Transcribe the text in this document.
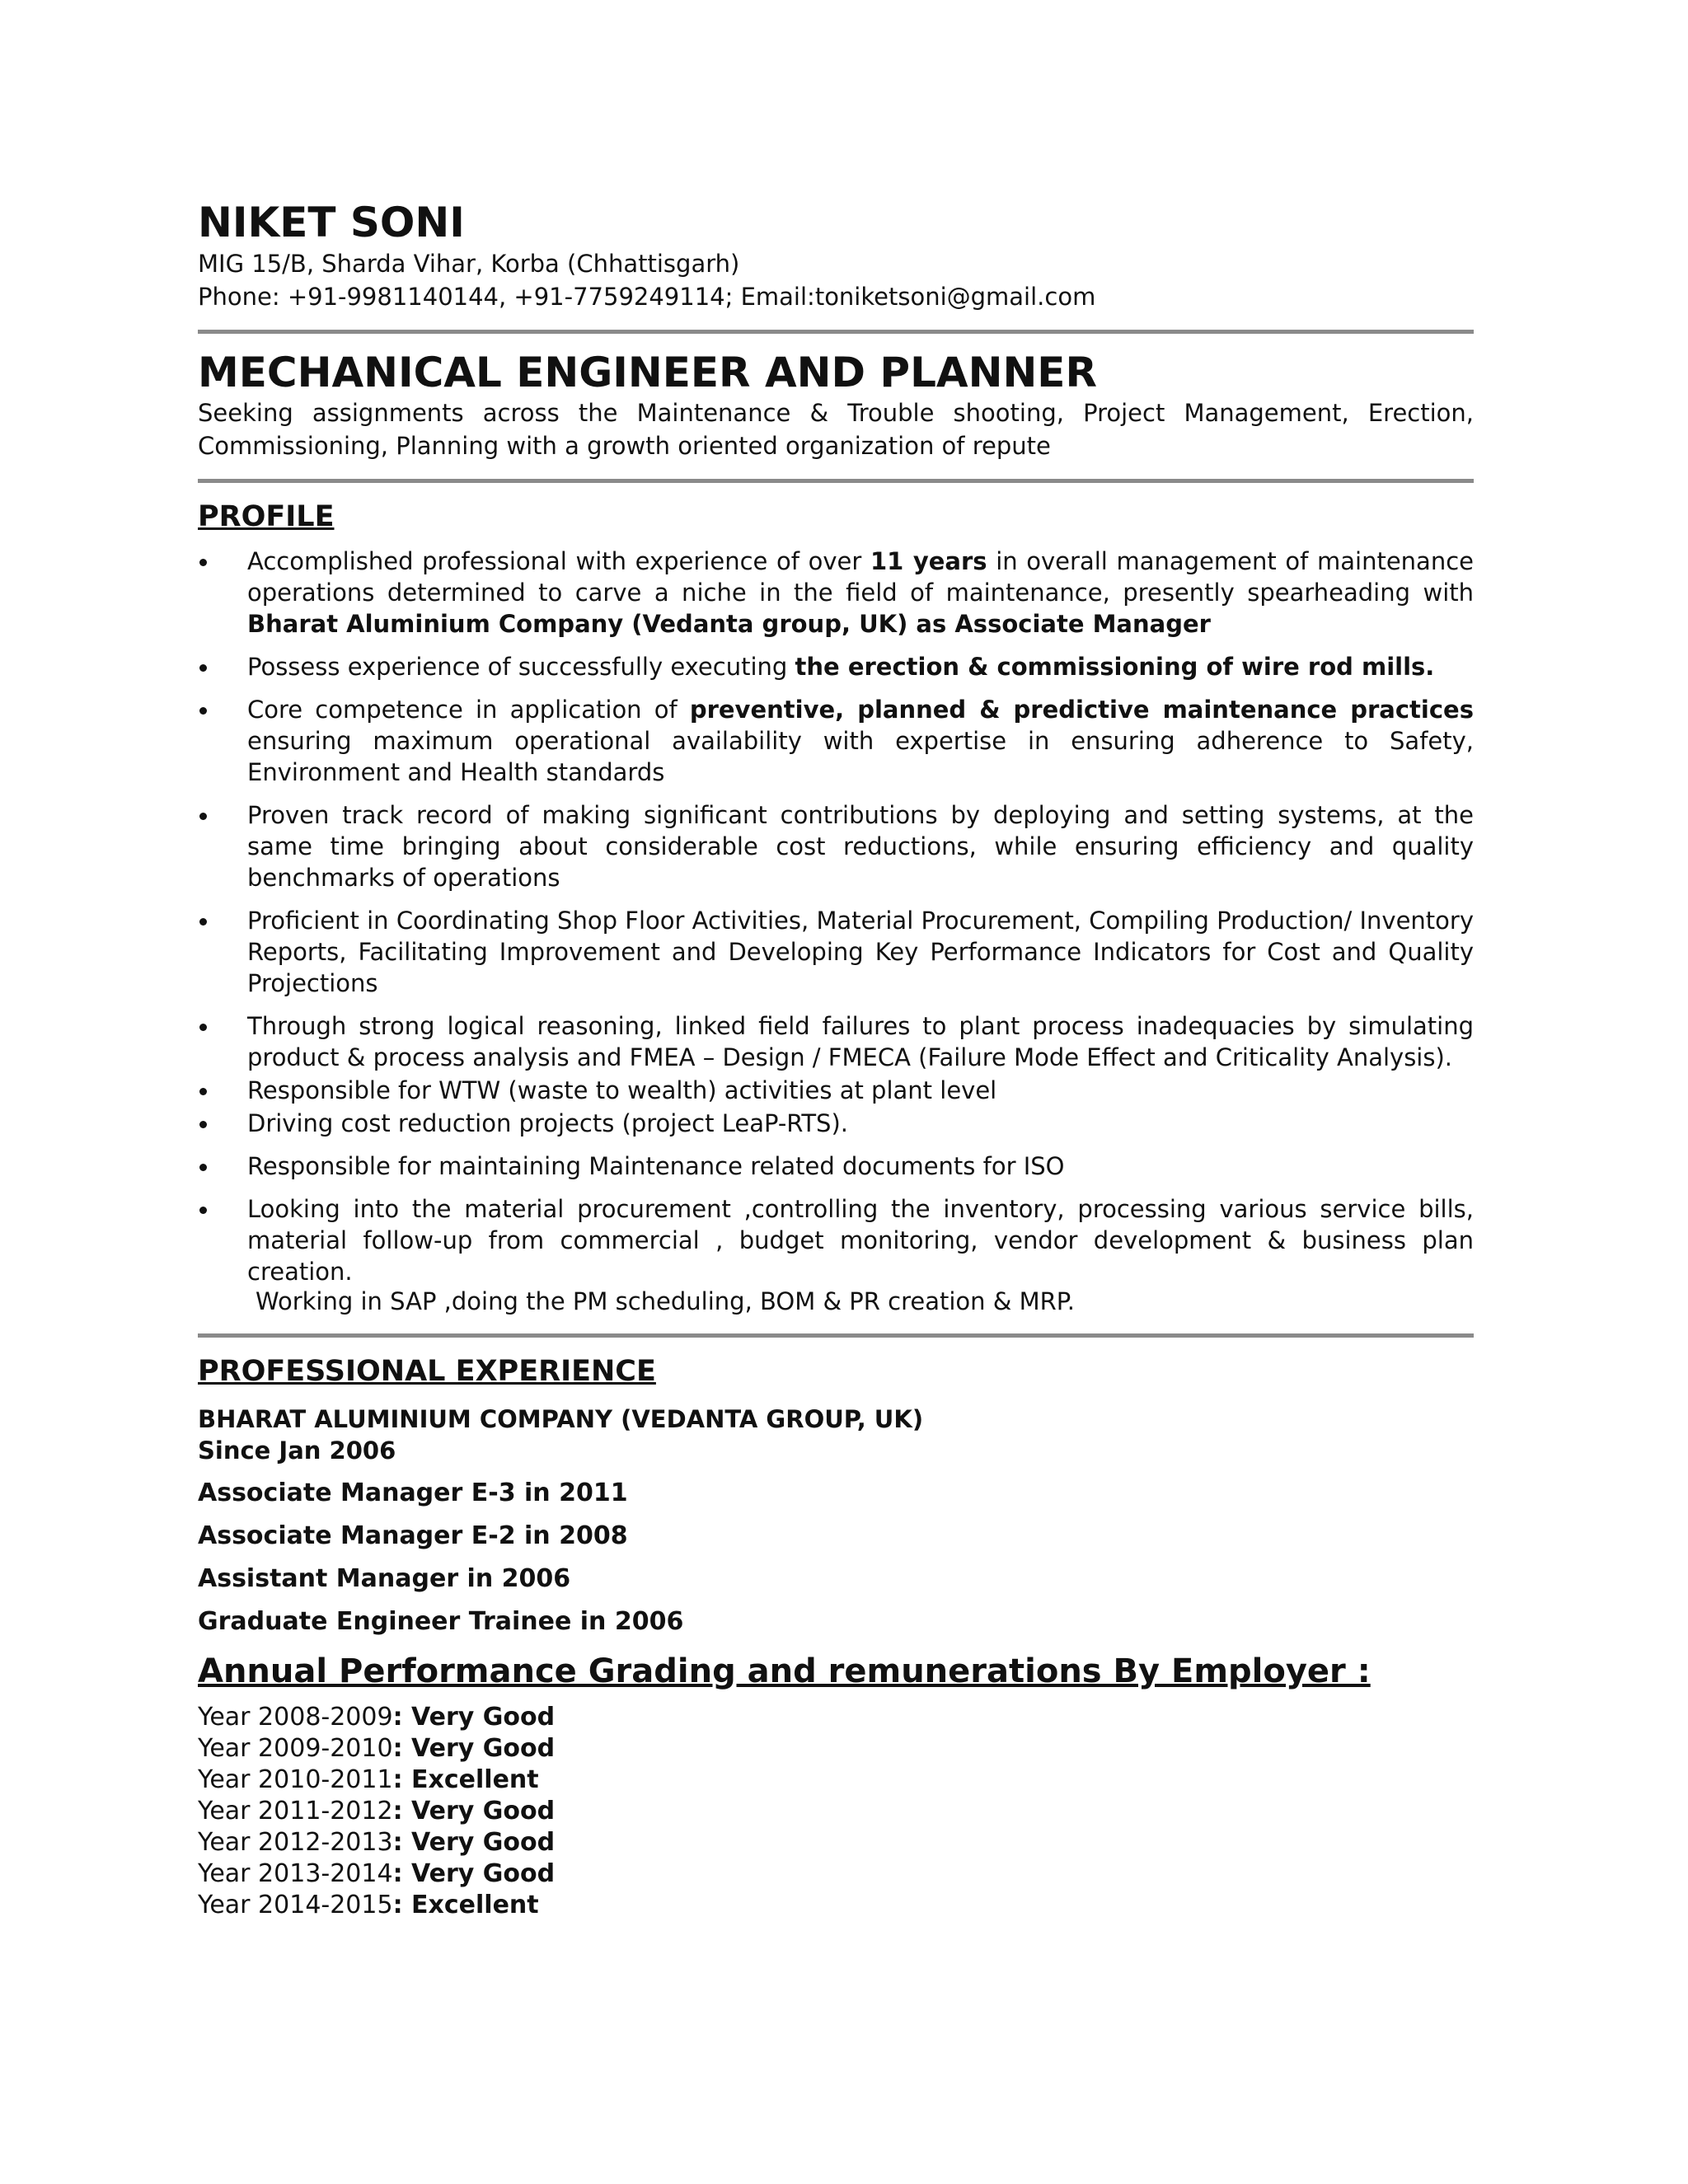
NIKET SONI
MIG 15/B, Sharda Vihar, Korba (Chhattisgarh)
Phone: +91-9981140144, +91-7759249114; Email:toniketsoni@gmail.com
MECHANICAL ENGINEER AND PLANNER
Seeking assignments across the Maintenance & Trouble shooting, Project Management, Erection, Commissioning, Planning with a growth oriented organization of repute
PROFILE
Accomplished professional with experience of over 11 years in overall management of maintenance operations determined to carve a niche in the field of maintenance, presently spearheading with Bharat Aluminium Company (Vedanta group, UK) as Associate Manager
Possess experience of successfully executing the erection & commissioning of wire rod mills.
Core competence in application of preventive, planned & predictive maintenance practices ensuring maximum operational availability with expertise in ensuring adherence to Safety, Environment and Health standards
Proven track record of making significant contributions by deploying and setting systems, at the same time bringing about considerable cost reductions, while ensuring efficiency and quality benchmarks of operations
Proficient in Coordinating Shop Floor Activities, Material Procurement, Compiling Production/ Inventory Reports, Facilitating Improvement and Developing Key Performance Indicators for Cost and Quality Projections
Through strong logical reasoning, linked field failures to plant process inadequacies by simulating product & process analysis and FMEA – Design / FMECA (Failure Mode Effect and Criticality Analysis).
Responsible for WTW (waste to wealth) activities at plant level
Driving cost reduction projects (project LeaP-RTS).
Responsible for maintaining Maintenance related documents for ISO
Looking into the material procurement ,controlling the inventory, processing various service bills, material follow-up from commercial , budget monitoring, vendor development & business plan creation.
Working in SAP ,doing the PM scheduling, BOM & PR creation & MRP.
PROFESSIONAL EXPERIENCE
BHARAT ALUMINIUM COMPANY (VEDANTA GROUP, UK)
Since Jan 2006
Associate Manager E-3 in 2011
Associate Manager E-2 in 2008
Assistant Manager in 2006
Graduate Engineer Trainee in 2006
Annual Performance Grading and remunerations By Employer :
Year 2008-2009: Very Good
Year 2009-2010: Very Good
Year 2010-2011: Excellent
Year 2011-2012: Very Good
Year 2012-2013: Very Good
Year 2013-2014: Very Good
Year 2014-2015: Excellent
